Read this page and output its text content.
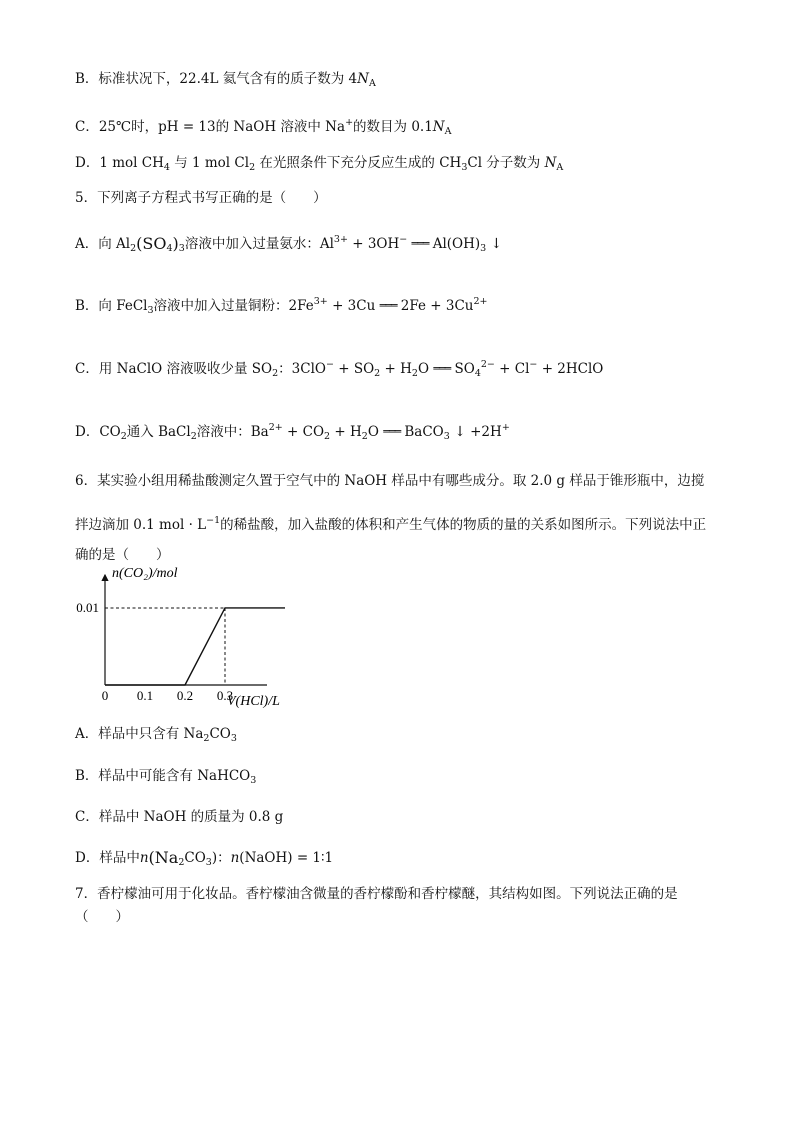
B．标准状况下，22.4L 氦气含有的质子数为 $4N_A$
C．25℃时，pH = 13的 NaOH 溶液中 Na+的数目为 $0.1N_A$
D．1 mol $CH_4$ 与 1 mol $Cl_2$ 在光照条件下充分反应生成的 $CH_3Cl$ 分子数为 $N_A$
5．下列离子方程式书写正确的是（　　）
A．向 $Al_2(SO_4)_3$溶液中加入过量氨水：$Al^{3+} + 3OH^-$ ═══ $Al(OH)_3$ ↓
B．向 FeCl$_3$溶液中加入过量铜粉：$2Fe^{3+} + 3Cu$ ═══ $2Fe + 3Cu^{2+}$
C．用 NaClO 溶液吸收少量 $SO_2$：$3ClO^- + SO_2 + H_2O$ ═══ $SO_4^{2-} + Cl^-$ + 2HClO
D．$CO_2$通入 BaCl$_2$溶液中：$Ba^{2+} + CO_2 + H_2O$ ═══ BaCO$_3$ ↓ +2H+
6．某实验小组用稀盐酸测定久置于空气中的 NaOH 样品中有哪些成分。取 2.0 g 样品于锥形瓶中，边搅
拌边滴加 0.1 mol · $L^{-1}$的稀盐酸，加入盐酸的体积和产生气体的物质的量的关系如图所示。下列说法中正
确的是（　　）
n(CO₂)/mol
V(HCl)/L
0 0.1 0.2 0.3
0.01
A．样品中只含有 $Na_2CO_3$
B．样品中可能含有 NaHCO$_3$
C．样品中 NaOH 的质量为 0.8 g
D．样品中$n(Na_2CO_3)$：n(NaOH) = 1∶1
7．香柠檬油可用于化妆品。香柠檬油含微量的香柠檬酚和香柠檬醚，其结构如图。下列说法正确的是
（　　）
